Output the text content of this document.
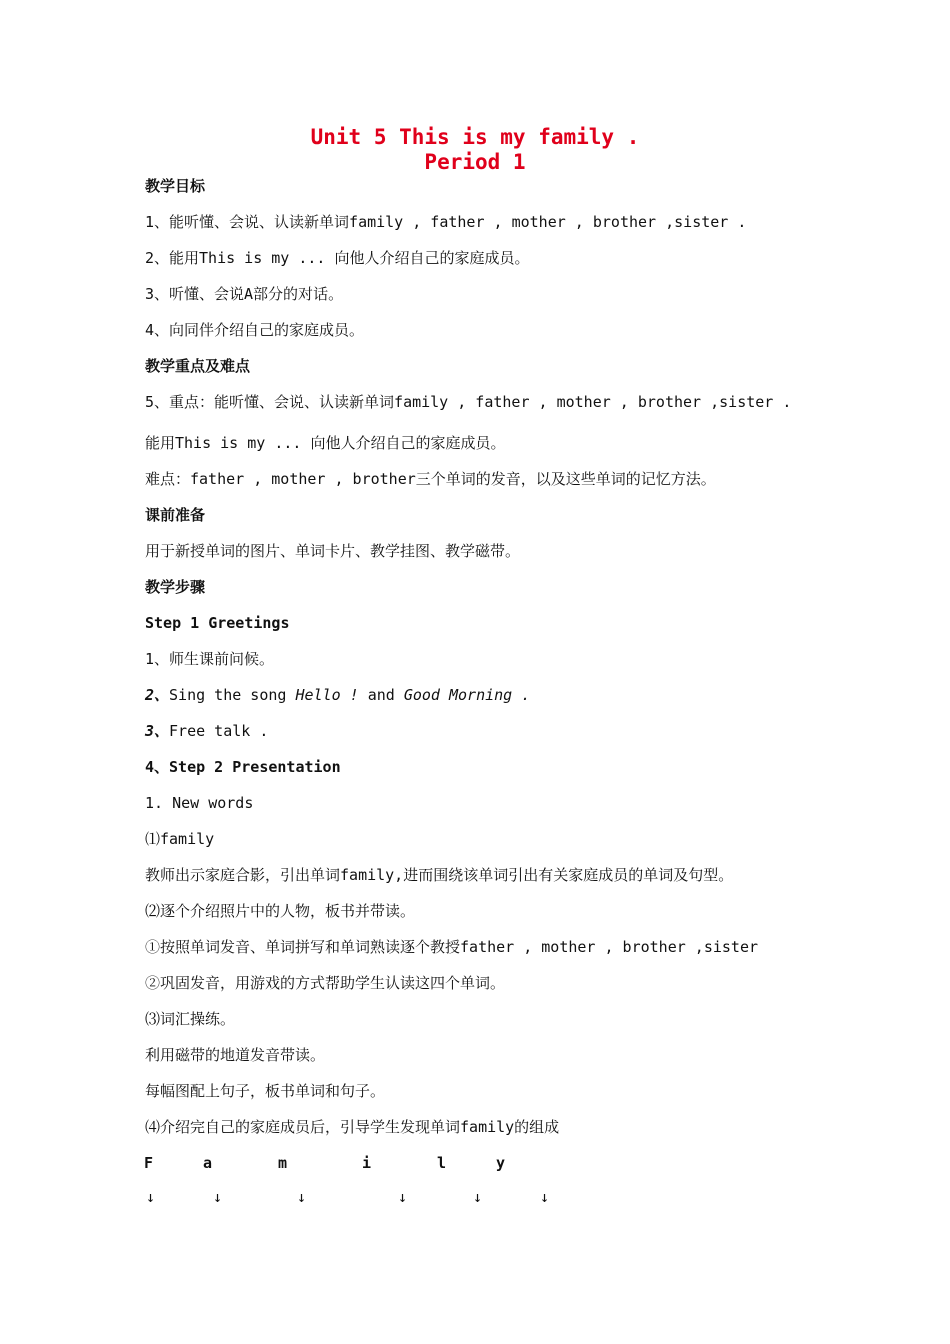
Unit 5 This is my family .
Period 1
教学目标
1、能听懂、会说、认读新单词family , father , mother , brother ,sister .
2、能用This is my ... 向他人介绍自己的家庭成员。
3、听懂、会说A部分的对话。
4、向同伴介绍自己的家庭成员。
教学重点及难点
5、重点：能听懂、会说、认读新单词family , father , mother , brother ,sister .
能用This is my ... 向他人介绍自己的家庭成员。
难点：father , mother , brother三个单词的发音，以及这些单词的记忆方法。
课前准备
用于新授单词的图片、单词卡片、教学挂图、教学磁带。
教学步骤
Step 1 Greetings
1、师生课前问候。
2、Sing the song Hello ! and Good Morning .
3、Free talk .
4、Step 2 Presentation
1. New words
⑴family
教师出示家庭合影，引出单词family,进而围绕该单词引出有关家庭成员的单词及句型。
⑵逐个介绍照片中的人物，板书并带读。
①按照单词发音、单词拼写和单词熟读逐个教授father , mother , brother ,sister
②巩固发音，用游戏的方式帮助学生认读这四个单词。
⑶词汇操练。
利用磁带的地道发音带读。
每幅图配上句子，板书单词和句子。
⑷介绍完自己的家庭成员后，引导学生发现单词family的组成
F	a	m	i	l	y
↓	↓	↓	↓	↓	↓
